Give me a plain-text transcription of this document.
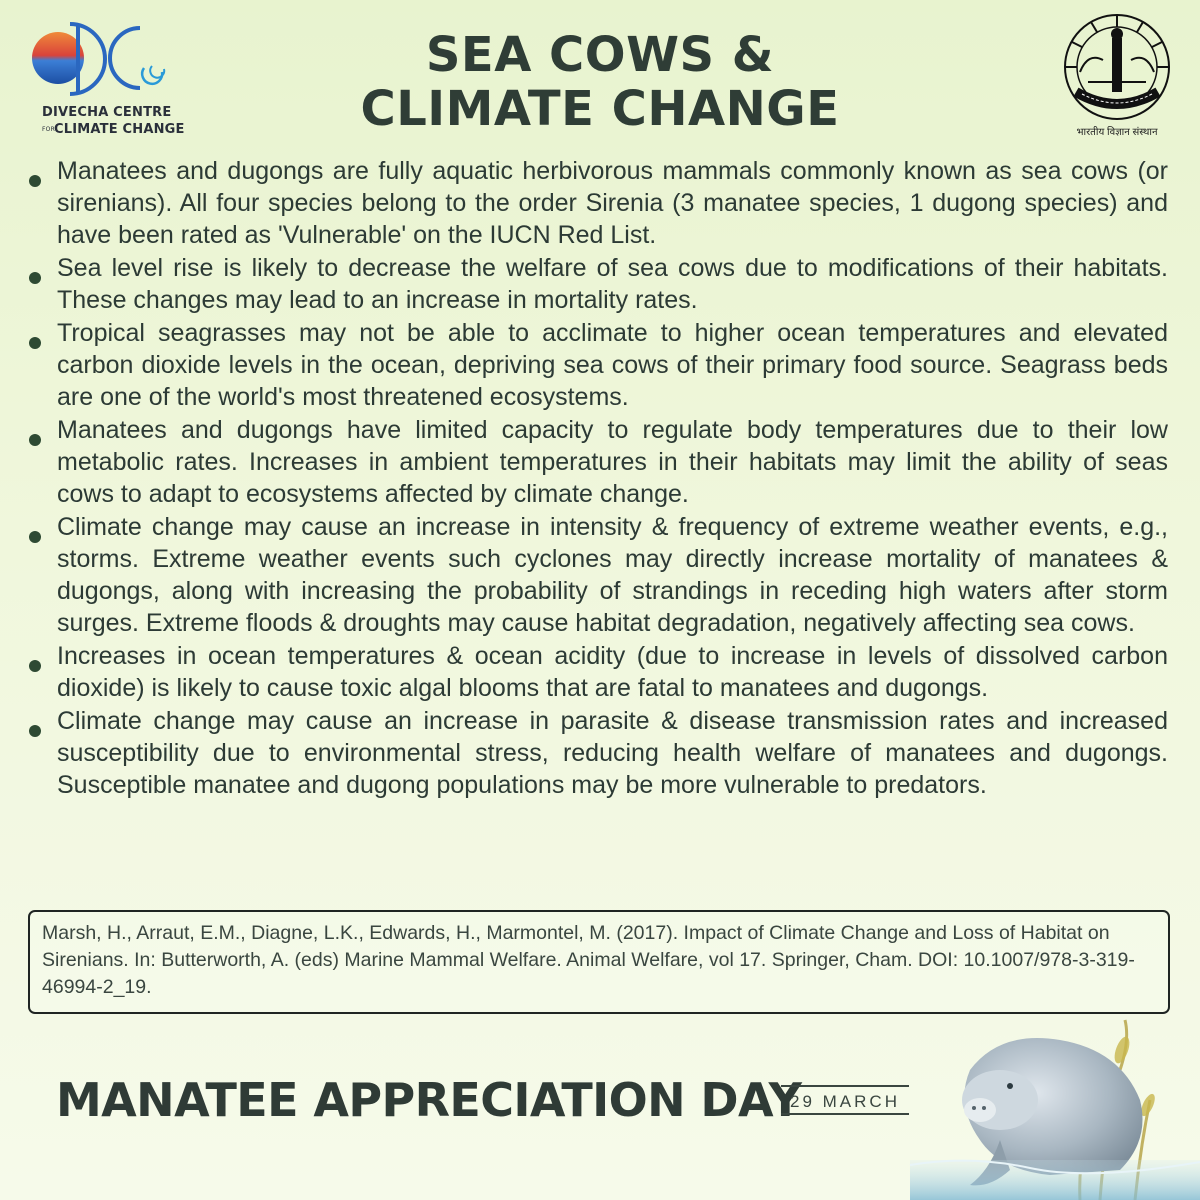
DIVECHA CENTRE
FOR CLIMATE CHANGE
SEA COWS &
CLIMATE CHANGE	भारतीय विज्ञान संस्थान
Manatees and dugongs are fully aquatic herbivorous mammals commonly known as sea cows (or sirenians). All four species belong to the order Sirenia (3 manatee species, 1 dugong species) and have been rated as 'Vulnerable' on the IUCN Red List.
Sea level rise is likely to decrease the welfare of sea cows due to modifications of their habitats. These changes may lead to an increase in mortality rates.
Tropical seagrasses may not be able to acclimate to higher ocean temperatures and elevated carbon dioxide levels in the ocean, depriving sea cows of their primary food source. Seagrass beds are one of the world's most threatened ecosystems.
Manatees and dugongs have limited capacity to regulate body temperatures due to their low metabolic rates. Increases in ambient temperatures in their habitats may limit the ability of seas cows to adapt to ecosystems affected by climate change.
Climate change may cause an increase in intensity & frequency of extreme weather events, e.g., storms. Extreme weather events such cyclones may directly increase mortality of manatees & dugongs, along with increasing the probability of strandings in receding high waters after storm surges. Extreme floods & droughts may cause habitat degradation, negatively affecting sea cows.
Increases in ocean temperatures & ocean acidity (due to increase in levels of dissolved carbon dioxide) is likely to cause toxic algal blooms that are fatal to manatees and dugongs.
Climate change may cause an increase in parasite & disease transmission rates and increased susceptibility due to environmental stress, reducing health welfare of manatees and dugongs. Susceptible manatee and dugong populations may be more vulnerable to predators.
Marsh, H., Arraut, E.M., Diagne, L.K., Edwards, H., Marmontel, M. (2017). Impact of Climate Change and Loss of Habitat on Sirenians. In: Butterworth, A. (eds) Marine Mammal Welfare. Animal Welfare, vol 17. Springer, Cham. DOI: 10.1007/978-3-319-46994-2_19.
MANATEE APPRECIATION DAY
29 MARCH
